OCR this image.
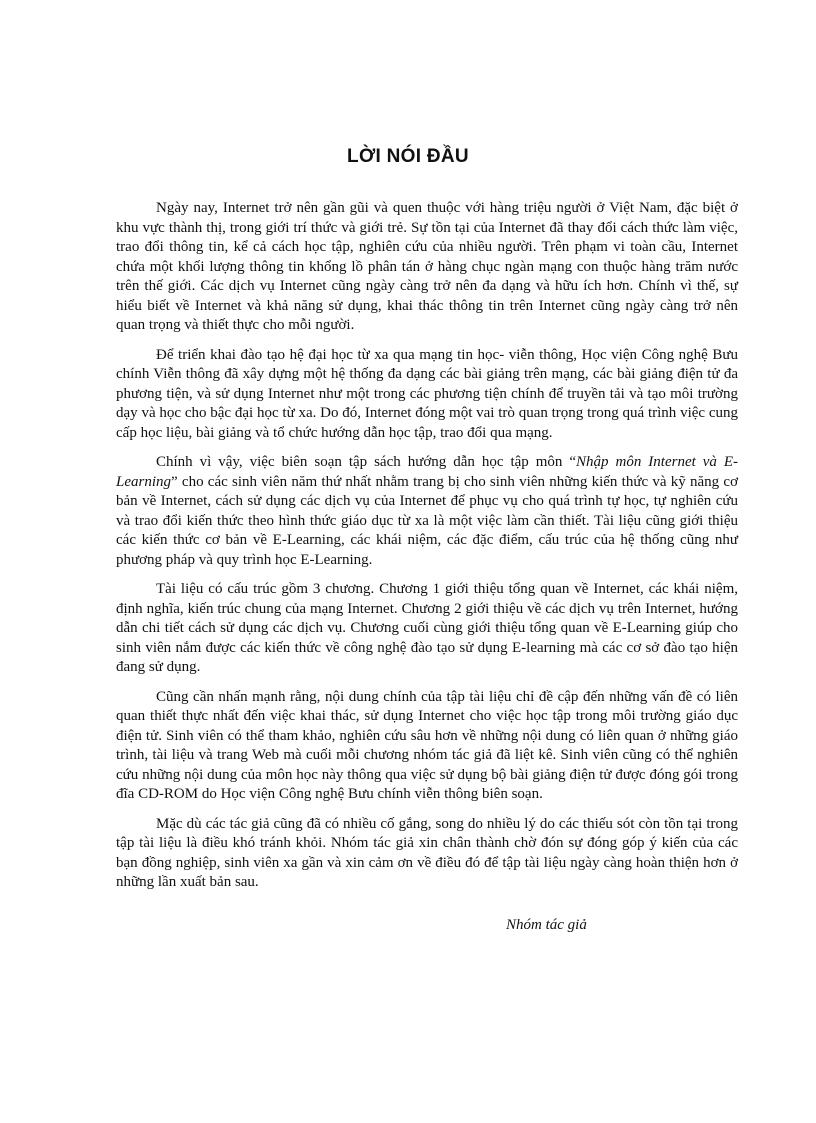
LỜI NÓI ĐẦU

Ngày nay, Internet trở nên gần gũi và quen thuộc với hàng triệu người ở Việt Nam, đặc biệt ở khu vực thành thị, trong giới trí thức và giới trẻ. Sự tồn tại của Internet đã thay đổi cách thức làm việc, trao đổi thông tin, kể cả cách học tập, nghiên cứu của nhiều người. Trên phạm vi toàn cầu, Internet chứa một khối lượng thông tin khổng lồ phân tán ở hàng chục ngàn mạng con thuộc hàng trăm nước trên thế giới. Các dịch vụ Internet cũng ngày càng trở nên đa dạng và hữu ích hơn. Chính vì thế, sự hiểu biết về Internet và khả năng sử dụng, khai thác thông tin trên Internet cũng ngày càng trở nên quan trọng và thiết thực cho mỗi người.

Để triển khai đào tạo hệ đại học từ xa qua mạng tin học- viễn thông, Học viện Công nghệ Bưu chính Viễn thông đã xây dựng một hệ thống đa dạng các bài giảng trên mạng, các bài giảng điện tử đa phương tiện, và sử dụng Internet như một trong các phương tiện chính để truyền tải và tạo môi trường dạy và học cho bậc đại học từ xa. Do đó, Internet đóng một vai trò quan trọng trong quá trình việc cung cấp học liệu, bài giảng và tổ chức hướng dẫn học tập, trao đổi qua mạng.

Chính vì vậy, việc biên soạn tập sách hướng dẫn học tập môn “Nhập môn Internet và E-Learning” cho các sinh viên năm thứ nhất nhằm trang bị cho sinh viên những kiến thức và kỹ năng cơ bản về Internet, cách sử dụng các dịch vụ của Internet để phục vụ cho quá trình tự học, tự nghiên cứu và trao đổi kiến thức theo hình thức giáo dục từ xa là một việc làm cần thiết. Tài liệu cũng giới thiệu các kiến thức cơ bản về E-Learning, các khái niệm, các đặc điểm, cấu trúc của hệ thống cũng như phương pháp và quy trình học E-Learning.

Tài liệu có cấu trúc gồm 3 chương. Chương 1 giới thiệu tổng quan về Internet, các khái niệm, định nghĩa, kiến trúc chung của mạng Internet. Chương 2 giới thiệu về các dịch vụ trên Internet, hướng dẫn chi tiết cách sử dụng các dịch vụ. Chương cuối cùng giới thiệu tổng quan về E-Learning giúp cho sinh viên nắm được các kiến thức về công nghệ đào tạo sử dụng E-learning mà các cơ sở đào tạo hiện đang sử dụng.

Cũng cần nhấn mạnh rằng, nội dung chính của tập tài liệu chỉ đề cập đến những vấn đề có liên quan thiết thực nhất đến việc khai thác, sử dụng Internet cho việc học tập trong môi trường giáo dục điện tử. Sinh viên có thể tham khảo, nghiên cứu sâu hơn về những nội dung có liên quan ở những giáo trình, tài liệu và trang Web mà cuối mỗi chương nhóm tác giả đã liệt kê. Sinh viên cũng có thể nghiên cứu những nội dung của môn học này thông qua việc sử dụng bộ bài giảng điện tử được đóng gói trong đĩa CD-ROM do Học viện Công nghệ Bưu chính viễn thông biên soạn.

Mặc dù các tác giả cũng đã có nhiều cố gắng, song do nhiều lý do các thiếu sót còn tồn tại trong tập tài liệu là điều khó tránh khỏi. Nhóm tác giả xin chân thành chờ đón sự đóng góp ý kiến của các bạn đồng nghiệp, sinh viên xa gần và xin cảm ơn về điều đó để tập tài liệu ngày càng hoàn thiện hơn ở những lần xuất bản sau.

Nhóm tác giả
